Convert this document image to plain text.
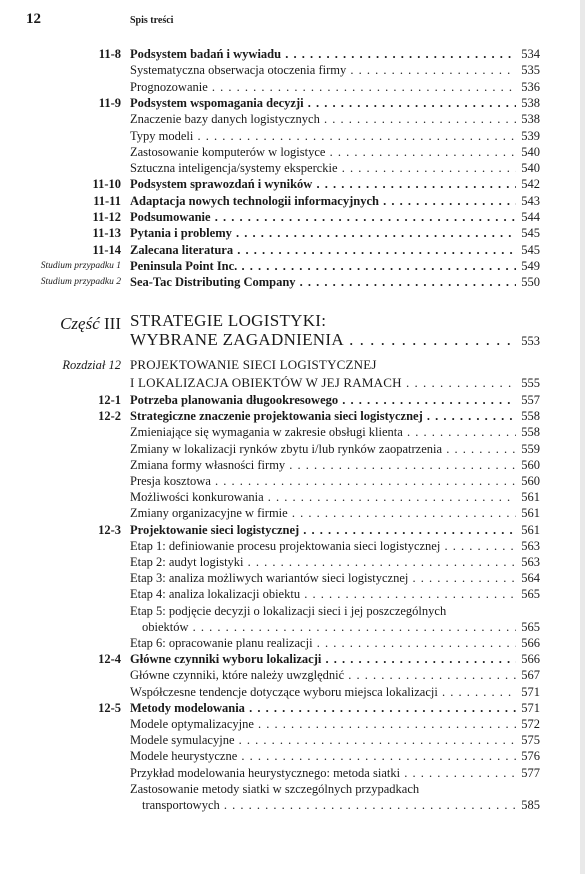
12	Spis treści
11-8 Podsystem badań i wywiadu . . .	534
Systematyczna obserwacja otoczenia firmy . . .	535
Prognozowanie . . .	536
11-9 Podsystem wspomagania decyzji . . .	538
Znaczenie bazy danych logistycznych . . .	538
Typy modeli . . .	539
Zastosowanie komputerów w logistyce . . .	540
Sztuczna inteligencja/systemy eksperckie . . .	540
11-10 Podsystem sprawozdań i wyników . . .	542
11-11 Adaptacja nowych technologii informacyjnych . . .	543
11-12 Podsumowanie . . .	544
11-13 Pytania i problemy . . .	545
11-14 Zalecana literatura . . .	545
Studium przypadku 1 Peninsula Point Inc. . . .	549
Studium przypadku 2 Sea-Tac Distributing Company . . .	550
Część III STRATEGIE LOGISTYKI:
WYBRANE ZAGADNIENIA . . .	553
Rozdział 12 PROJEKTOWANIE SIECI LOGISTYCZNEJ
I LOKALIZACJA OBIEKTÓW W JEJ RAMACH . . .	555
12-1 Potrzeba planowania długookresowego . . .	557
12-2 Strategiczne znaczenie projektowania sieci logistycznej . . .	558
Zmieniające się wymagania w zakresie obsługi klienta . . .	558
Zmiany w lokalizacji rynków zbytu i/lub rynków zaopatrzenia . . .	559
Zmiana formy własności firmy . . .	560
Presja kosztowa . . .	560
Możliwości konkurowania . . .	561
Zmiany organizacyjne w firmie . . .	561
12-3 Projektowanie sieci logistycznej . . .	561
Etap 1: definiowanie procesu projektowania sieci logistycznej . . .	563
Etap 2: audyt logistyki . . .	563
Etap 3: analiza możliwych wariantów sieci logistycznej . . .	564
Etap 4: analiza lokalizacji obiektu . . .	565
Etap 5: podjęcie decyzji o lokalizacji sieci i jej poszczególnych
obiektów . . .	565
Etap 6: opracowanie planu realizacji . . .	566
12-4 Główne czynniki wyboru lokalizacji . . .	566
Główne czynniki, które należy uwzględnić . . .	567
Współczesne tendencje dotyczące wyboru miejsca lokalizacji . . .	571
12-5 Metody modelowania . . .	571
Modele optymalizacyjne . . .	572
Modele symulacyjne . . .	575
Modele heurystyczne . . .	576
Przykład modelowania heurystycznego: metoda siatki . . .	577
Zastosowanie metody siatki w szczególnych przypadkach
transportowych . . .	585
